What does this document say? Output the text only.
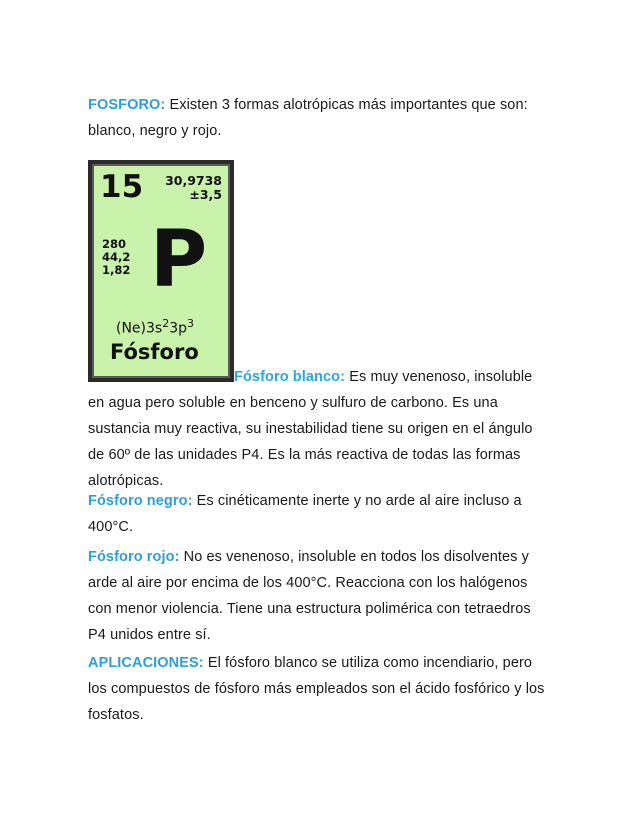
FOSFORO: Existen 3 formas alotrópicas más importantes que son: blanco, negro y rojo.

15 30,9738
±3,5
280
44,2
1,82 P
$(Ne)3s^23p^3$
Fósforo

Fósforo blanco: Es muy venenoso, insoluble en agua pero soluble en benceno y sulfuro de carbono. Es una sustancia muy reactiva, su inestabilidad tiene su origen en el ángulo de 60º de las unidades P4. Es la más reactiva de todas las formas alotrópicas.

Fósforo negro: Es cinéticamente inerte y no arde al aire incluso a 400°C.

Fósforo rojo: No es venenoso, insoluble en todos los disolventes y arde al aire por encima de los 400°C. Reacciona con los halógenos con menor violencia. Tiene una estructura polimérica con tetraedros P4 unidos entre sí.

APLICACIONES: El fósforo blanco se utiliza como incendiario, pero los compuestos de fósforo más empleados son el ácido fosfórico y los fosfatos.
